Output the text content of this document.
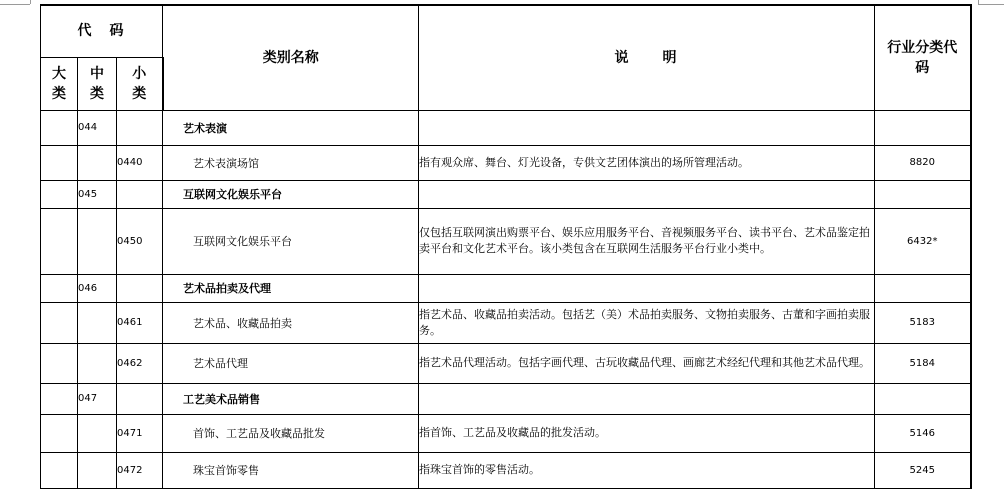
代　码			类别名称	说　　明	行业分类代码
大类	中类	小类			
	044		艺术表演		
		0440	艺术表演场馆	指有观众席、舞台、灯光设备，专供文艺团体演出的场所管理活动。	8820
	045		互联网文化娱乐平台		
		0450	互联网文化娱乐平台	仅包括互联网演出购票平台、娱乐应用服务平台、音视频服务平台、读书平台、艺术品鉴定拍卖平台和文化艺术平台。该小类包含在互联网生活服务平台行业小类中。	6432*
	046		艺术品拍卖及代理		
		0461	艺术品、收藏品拍卖	指艺术品、收藏品拍卖活动。包括艺（美）术品拍卖服务、文物拍卖服务、古董和字画拍卖服务。	5183
		0462	艺术品代理	指艺术品代理活动。包括字画代理、古玩收藏品代理、画廊艺术经纪代理和其他艺术品代理。	5184
	047		工艺美术品销售		
		0471	首饰、工艺品及收藏品批发	指首饰、工艺品及收藏品的批发活动。	5146
		0472	珠宝首饰零售	指珠宝首饰的零售活动。	5245
